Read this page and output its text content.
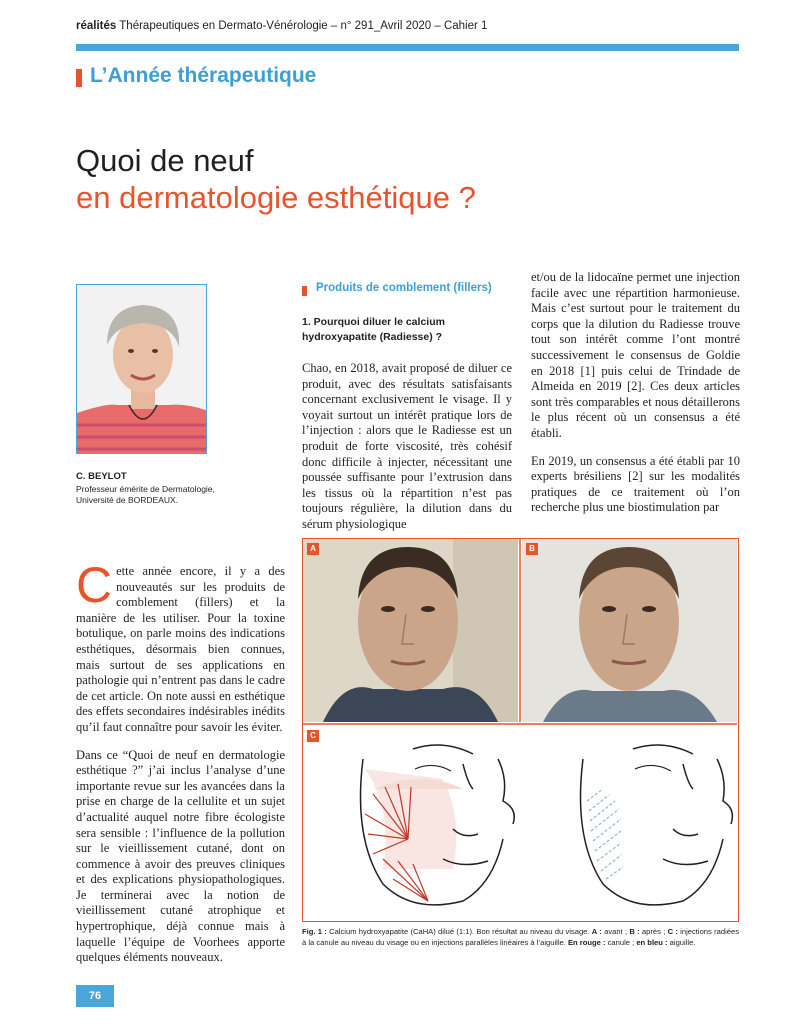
réalités Thérapeutiques en Dermato-Vénérologie – n° 291_Avril 2020 – Cahier 1
L’Année thérapeutique
Quoi de neuf
en dermatologie esthétique ?
C. BEYLOT
Professeur émérite de Dermatologie,
Université de BORDEAUX.

Cette année encore, il y a des nouveautés sur les produits de comblement (fillers) et la manière de les utiliser. Pour la toxine botulique, on parle moins des indications esthétiques, désormais bien connues, mais surtout de ses applications en pathologie qui n’entrent pas dans le cadre de cet article. On note aussi en esthétique des effets secondaires indésirables inédits qu’il faut connaître pour savoir les éviter.

Dans ce “Quoi de neuf en dermatologie esthétique ?” j’ai inclus l’analyse d’une importante revue sur les avancées dans la prise en charge de la cellulite et un sujet d’actualité auquel notre fibre écologiste sera sensible : l’influence de la pollution sur le vieillissement cutané, dont on commence à avoir des preuves cliniques et des explications physiopathologiques. Je terminerai avec la notion de vieillissement cutané atrophique et hypertrophique, déjà connue mais à laquelle l’équipe de Voorhees apporte quelques éléments nouveaux.

Produits de comblement (fillers)
1. Pourquoi diluer le calcium hydroxyapatite (Radiesse) ?
Chao, en 2018, avait proposé de diluer ce produit, avec des résultats satisfaisants concernant exclusivement le visage. Il y voyait surtout un intérêt pratique lors de l’injection : alors que le Radiesse est un produit de forte viscosité, très cohésif donc difficile à injecter, nécessitant une poussée suffisante pour l’extrusion dans les tissus où la répartition n’est pas toujours régulière, la dilution dans du sérum physiologique

et/ou de la lidocaïne permet une injection facile avec une répartition harmonieuse. Mais c’est surtout pour le traitement du corps que la dilution du Radiesse trouve tout son intérêt comme l’ont montré successivement le consensus de Goldie en 2018 [1] puis celui de Trindade de Almeida en 2019 [2]. Ces deux articles sont très comparables et nous détaillerons le plus récent où un consensus a été établi.

En 2019, un consensus a été établi par 10 experts brésiliens [2] sur les modalités pratiques de ce traitement où l’on recherche plus une biostimulation par

A	B
C
Fig. 1 : Calcium hydroxyapatite (CaHA) dilué (1:1). Bon résultat au niveau du visage. A : avant ; B : après ; C : injections radiées à la canule au niveau du visage ou en injections parallèles linéaires à l’aiguille. En rouge : canule ; en bleu : aiguille.
76
